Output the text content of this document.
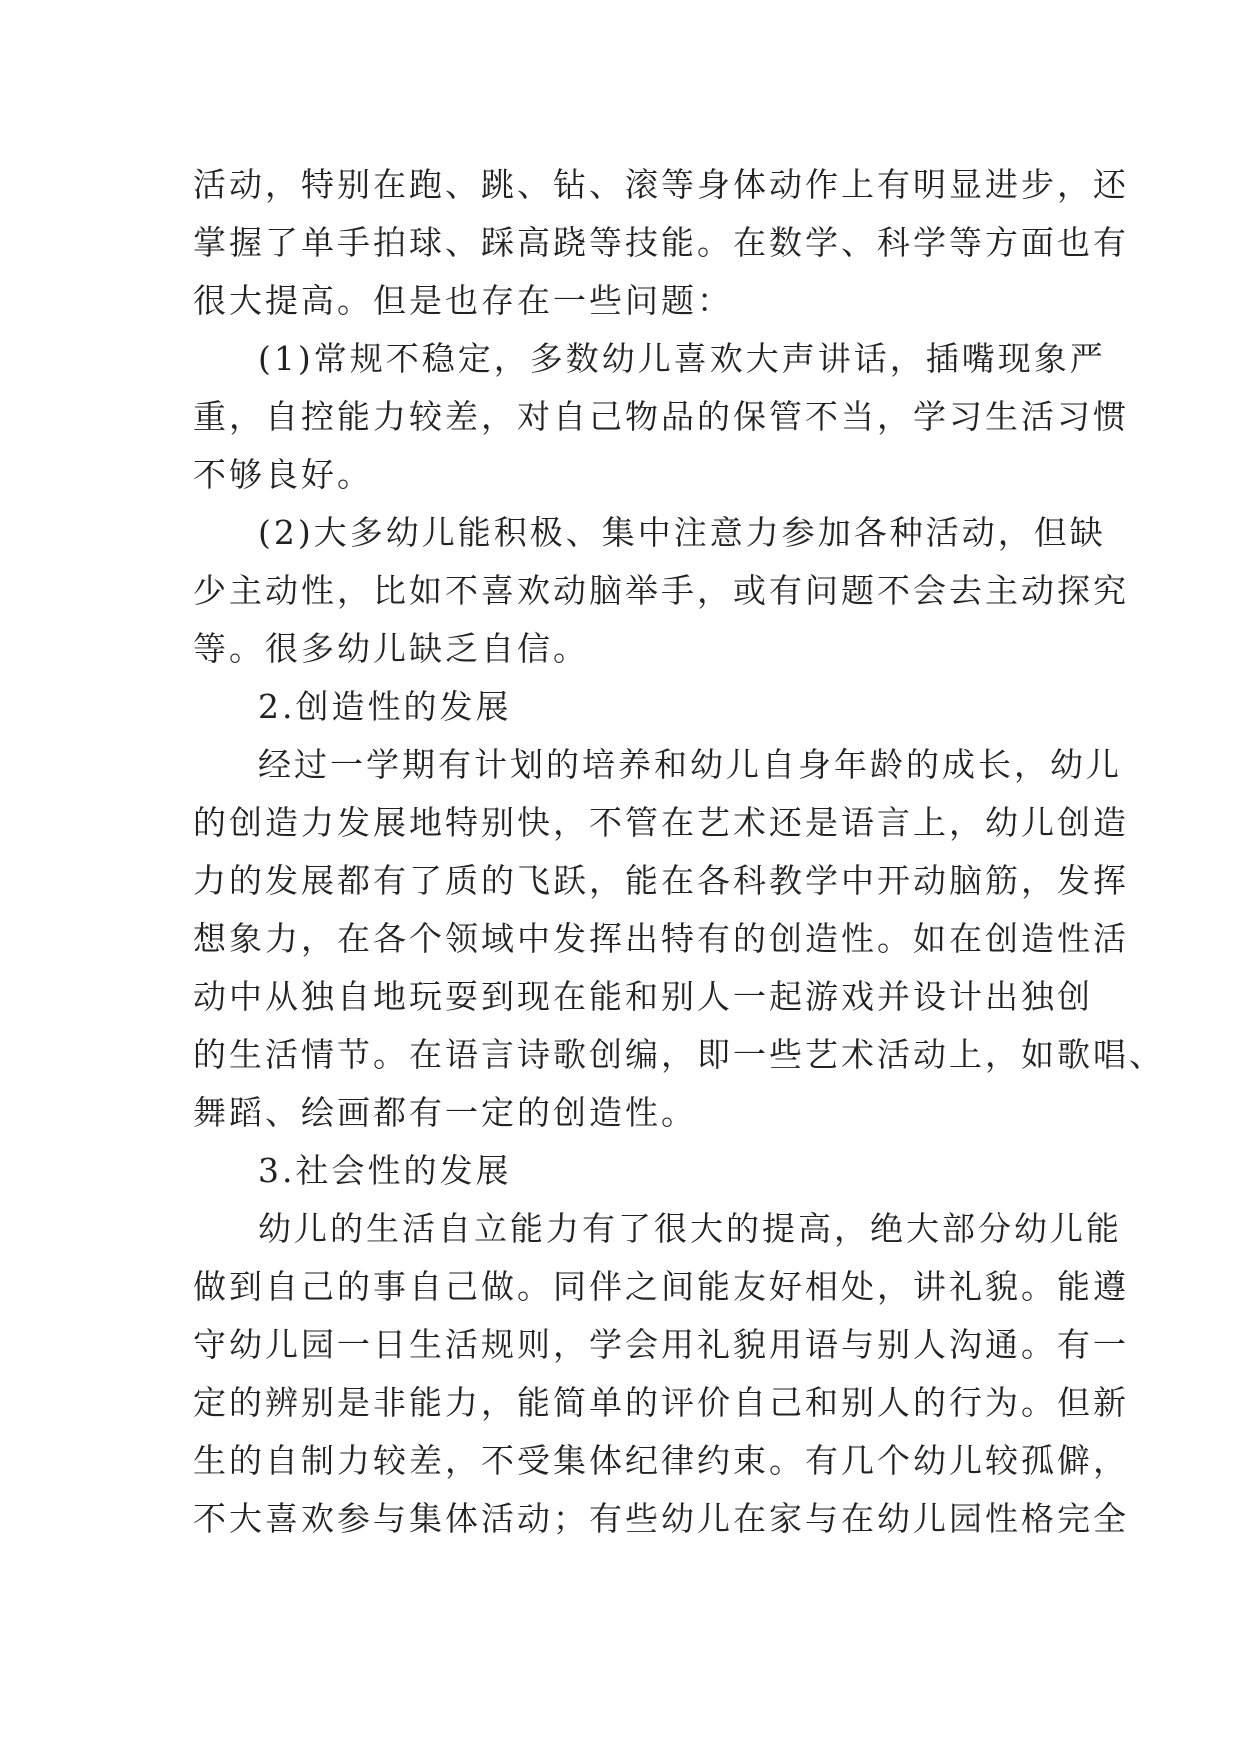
活动，特别在跑、跳、钻、滚等身体动作上有明显进步，还

掌握了单手拍球、踩高跷等技能。在数学、科学等方面也有

很大提高。但是也存在一些问题：

(1)常规不稳定，多数幼儿喜欢大声讲话，插嘴现象严

重，自控能力较差，对自己物品的保管不当，学习生活习惯

不够良好。

(2)大多幼儿能积极、集中注意力参加各种活动，但缺

少主动性，比如不喜欢动脑举手，或有问题不会去主动探究

等。很多幼儿缺乏自信。

2.创造性的发展

经过一学期有计划的培养和幼儿自身年龄的成长，幼儿

的创造力发展地特别快，不管在艺术还是语言上，幼儿创造

力的发展都有了质的飞跃，能在各科教学中开动脑筋，发挥

想象力，在各个领域中发挥出特有的创造性。如在创造性活

动中从独自地玩耍到现在能和别人一起游戏并设计出独创

的生活情节。在语言诗歌创编，即一些艺术活动上，如歌唱、

舞蹈、绘画都有一定的创造性。

3.社会性的发展

幼儿的生活自立能力有了很大的提高，绝大部分幼儿能

做到自己的事自己做。同伴之间能友好相处，讲礼貌。能遵

守幼儿园一日生活规则，学会用礼貌用语与别人沟通。有一

定的辨别是非能力，能简单的评价自己和别人的行为。但新

生的自制力较差，不受集体纪律约束。有几个幼儿较孤僻，

不大喜欢参与集体活动；有些幼儿在家与在幼儿园性格完全
